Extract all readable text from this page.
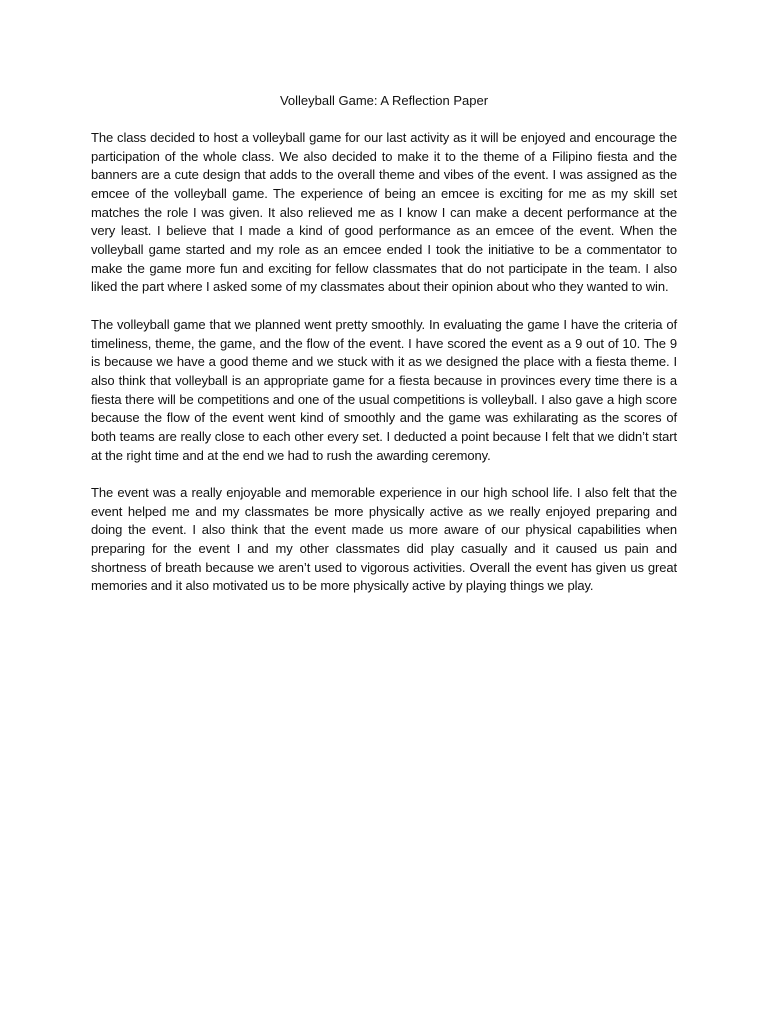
Volleyball Game: A Reflection Paper

The class decided to host a volleyball game for our last activity as it will be enjoyed and encourage the participation of the whole class. We also decided to make it to the theme of a Filipino fiesta and the banners are a cute design that adds to the overall theme and vibes of the event. I was assigned as the emcee of the volleyball game. The experience of being an emcee is exciting for me as my skill set matches the role I was given. It also relieved me as I know I can make a decent performance at the very least. I believe that I made a kind of good performance as an emcee of the event. When the volleyball game started and my role as an emcee ended I took the initiative to be a commentator to make the game more fun and exciting for fellow classmates that do not participate in the team. I also liked the part where I asked some of my classmates about their opinion about who they wanted to win.

The volleyball game that we planned went pretty smoothly. In evaluating the game I have the criteria of timeliness, theme, the game, and the flow of the event. I have scored the event as a 9 out of 10. The 9 is because we have a good theme and we stuck with it as we designed the place with a fiesta theme. I also think that volleyball is an appropriate game for a fiesta because in provinces every time there is a fiesta there will be competitions and one of the usual competitions is volleyball. I also gave a high score because the flow of the event went kind of smoothly and the game was exhilarating as the scores of both teams are really close to each other every set. I deducted a point because I felt that we didn’t start at the right time and at the end we had to rush the awarding ceremony.

The event was a really enjoyable and memorable experience in our high school life. I also felt that the event helped me and my classmates be more physically active as we really enjoyed preparing and doing the event. I also think that the event made us more aware of our physical capabilities when preparing for the event I and my other classmates did play casually and it caused us pain and shortness of breath because we aren’t used to vigorous activities. Overall the event has given us great memories and it also motivated us to be more physically active by playing things we play.
